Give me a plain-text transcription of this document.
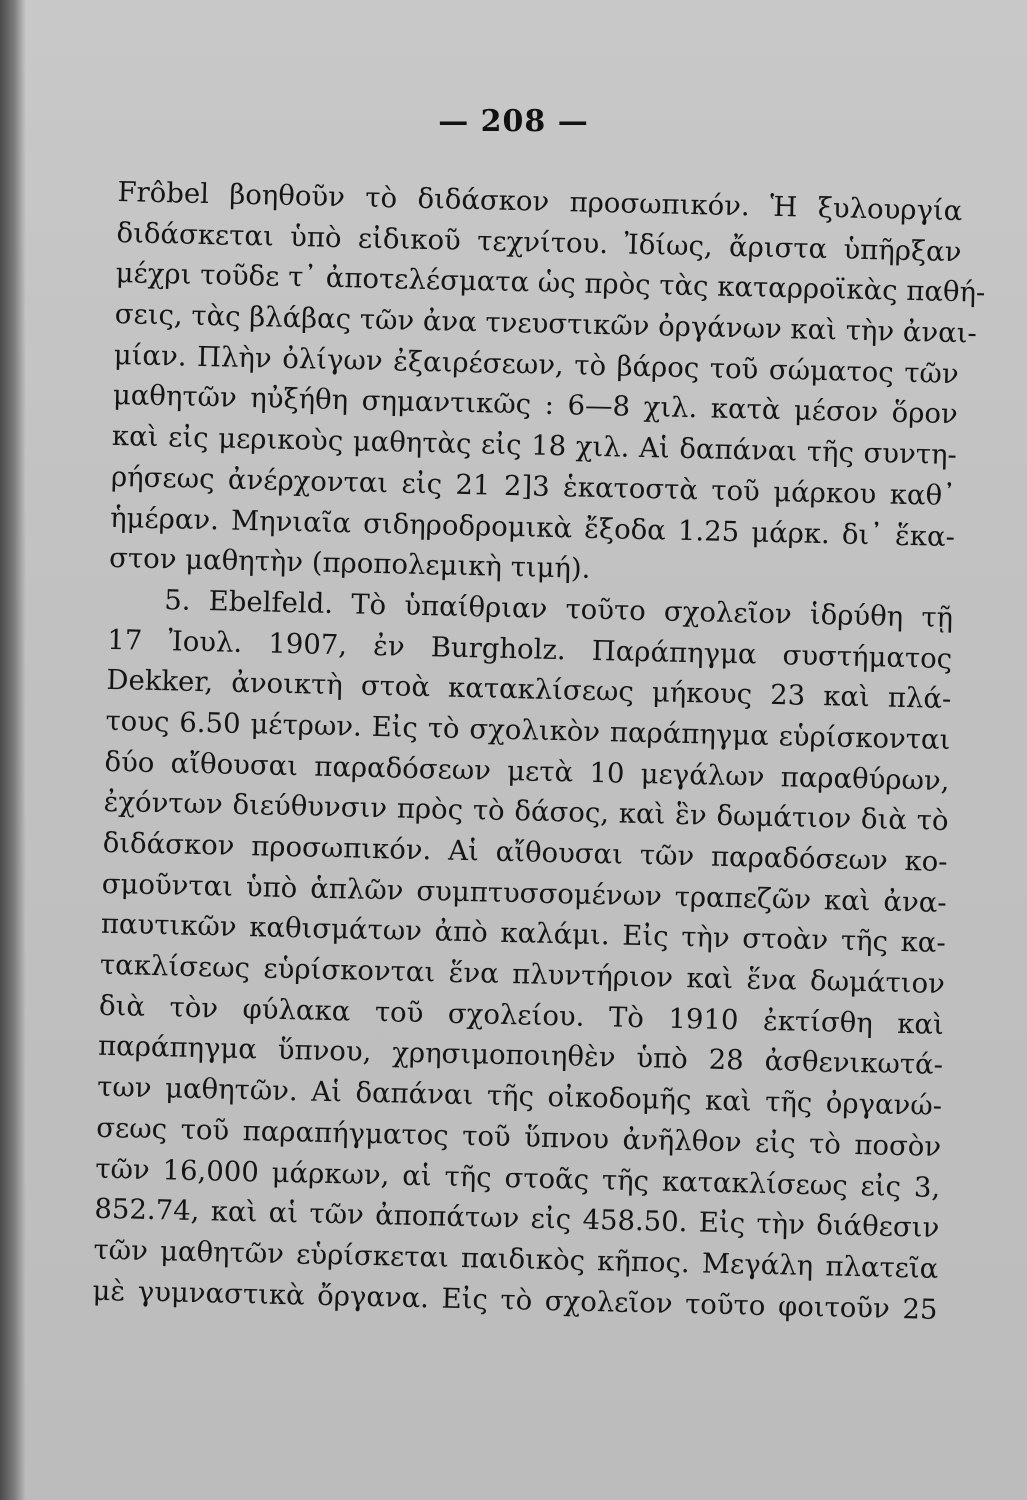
— 208 —
Frôbel βοηθοῦν τὸ διδάσκον προσωπικόν. Ἡ ξυλουργία
διδάσκεται ὑπὸ εἰδικοῦ τεχνίτου. Ἰδίως, ἄριστα ὑπῆρξαν
μέχρι τοῦδε τ᾽ ἀποτελέσματα ὡς πρὸς τὰς καταρροϊκὰς παθή-
σεις, τὰς βλάβας τῶν ἀνα τνευστικῶν ὀργάνων καὶ τὴν ἀναι-
μίαν. Πλὴν ὀλίγων ἐξαιρέσεων, τὸ βάρος τοῦ σώματος τῶν
μαθητῶν ηὐξήθη σημαντικῶς : 6—8 χιλ. κατὰ μέσον ὅρον
καὶ εἰς μερικοὺς μαθητὰς εἰς 18 χιλ. Αἱ δαπάναι τῆς συντη-
ρήσεως ἀνέρχονται εἰς 21 2]3 ἑκατοστὰ τοῦ μάρκου καθ᾽
ἡμέραν. Μηνιαῖα σιδηροδρομικὰ ἔξοδα 1.25 μάρκ. δι᾽ ἕκα-
στον μαθητὴν (προπολεμικὴ τιμή).
5. Ebelfeld. Τὸ ὑπαίθριαν τοῦτο σχολεῖον ἱδρύθη τῇ
17 Ἰουλ. 1907, ἐν Burgholz. Παράπηγμα συστήματος
Dekker, ἀνοικτὴ στοὰ κατακλίσεως μήκους 23 καὶ πλά-
τους 6.50 μέτρων. Εἰς τὸ σχολικὸν παράπηγμα εὑρίσκονται
δύο αἴθουσαι παραδόσεων μετὰ 10 μεγάλων παραθύρων,
ἐχόντων διεύθυνσιν πρὸς τὸ δάσος, καὶ ἓν δωμάτιον διὰ τὸ
διδάσκον προσωπικόν. Αἱ αἴθουσαι τῶν παραδόσεων κο-
σμοῦνται ὑπὸ ἁπλῶν συμπτυσσομένων τραπεζῶν καὶ ἀνα-
παυτικῶν καθισμάτων ἀπὸ καλάμι. Εἰς τὴν στοὰν τῆς κα-
τακλίσεως εὑρίσκονται ἕνα πλυντήριον καὶ ἕνα δωμάτιον
διὰ τὸν φύλακα τοῦ σχολείου. Τὸ 1910 ἐκτίσθη καὶ
παράπηγμα ὕπνου, χρησιμοποιηθὲν ὑπὸ 28 ἀσθενικωτά-
των μαθητῶν. Αἱ δαπάναι τῆς οἰκοδομῆς καὶ τῆς ὀργανώ-
σεως τοῦ παραπήγματος τοῦ ὕπνου ἀνῆλθον εἰς τὸ ποσὸν
τῶν 16,000 μάρκων, αἱ τῆς στοᾶς τῆς κατακλίσεως εἰς 3,
852.74, καὶ αἱ τῶν ἀποπάτων εἰς 458.50. Εἰς τὴν διάθεσιν
τῶν μαθητῶν εὑρίσκεται παιδικὸς κῆπος. Μεγάλη πλατεῖα
μὲ γυμναστικὰ ὄργανα. Εἰς τὸ σχολεῖον τοῦτο φοιτοῦν 25
